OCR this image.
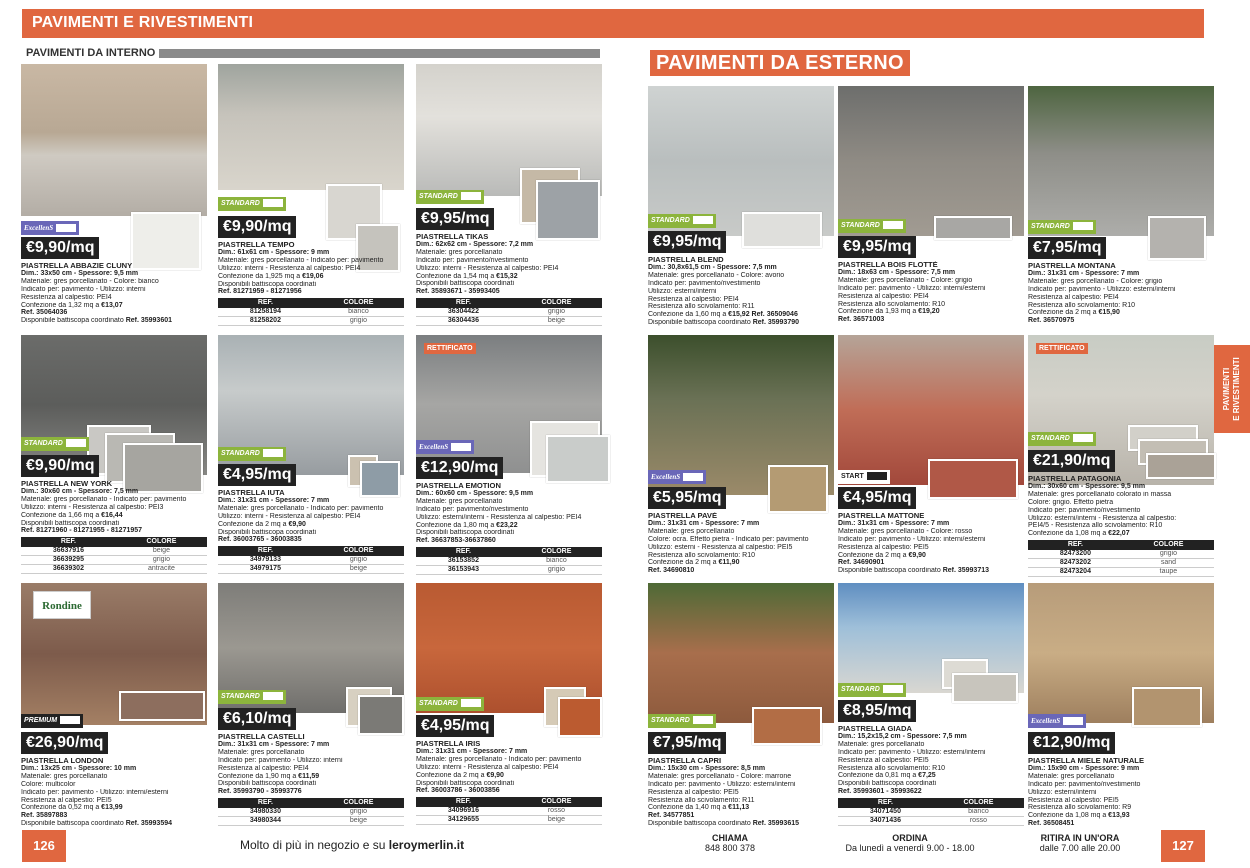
PAVIMENTI E RIVESTIMENTI
PAVIMENTI DA INTERNO	PAVIMENTI DA ESTERNO
PAVIMENTI E RIVESTIMENTI
ExcellenS
€9,90/mq

PIASTRELLA ABBAZIE CLUNY

Dim.: 33x50 cm - Spessore: 9,5 mm

Materiale: gres porcellanato - Colore: bianco

Indicato per: pavimento - Utilizzo: interni

Resistenza al calpestio: PEI4

Confezione da 1,32 mq a €13,07

Ref. 35064036

Disponibile battiscopa coordinato Ref. 35993601

STANDARD
€9,90/mq

PIASTRELLA TEMPO

Dim.: 61x61 cm - Spessore: 9 mm

Materiale: gres porcellanato - Indicato per: pavimento

Utilizzo: interni - Resistenza al calpestio: PEI4

Confezione da 1,925 mq a €19,06

Disponibili battiscopa coordinati

Ref. 81271959 - 81271956

REF.	COLORE
81258194	bianco
81258202	grigio
STANDARD
€9,95/mq

PIASTRELLA TIKAS

Dim.: 62x62 cm - Spessore: 7,2 mm

Materiale: gres porcellanato

Indicato per: pavimento/rivestimento

Utilizzo: interni - Resistenza al calpestio: PEI4

Confezione da 1,54 mq a €15,32

Disponibili battiscopa coordinati

Ref. 35893671 - 35993405

REF.	COLORE
36304422	grigio
36304436	beige
STANDARD
€9,95/mq

PIASTRELLA BLEND

Dim.: 30,8x61,5 cm - Spessore: 7,5 mm

Materiale: gres porcellanato - Colore: avorio

Indicato per: pavimento/rivestimento

Utilizzo: esterni/interni

Resistenza al calpestio: PEI4

Resistenza allo scivolamento: R11

Confezione da 1,60 mq a €15,92 Ref. 36509046

Disponibile battiscopa coordinato Ref. 35993790

STANDARD
€9,95/mq

PIASTRELLA BOIS FLOTTÈ

Dim.: 18x63 cm - Spessore: 7,5 mm

Materiale: gres porcellanato - Colore: grigio

Indicato per: pavimento - Utilizzo: interni/esterni

Resistenza al calpestio: PEI4

Resistenza allo scivolamento: R10

Confezione da 1,93 mq a €19,20

Ref. 36571003

STANDARD
€7,95/mq

PIASTRELLA MONTANA

Dim.: 31x31 cm - Spessore: 7 mm

Materiale: gres porcellanato - Colore: grigio

Indicato per: pavimento - Utilizzo: esterni/interni

Resistenza al calpestio: PEI4

Resistenza allo scivolamento: R10

Confezione da 2 mq a €15,90

Ref. 36570975

STANDARD
€9,90/mq

PIASTRELLA NEW YORK

Dim.: 30x60 cm - Spessore: 7,5 mm

Materiale: gres porcellanato - Indicato per: pavimento

Utilizzo: interni - Resistenza al calpestio: PEI3

Confezione da 1,66 mq a €16,44

Disponibili battiscopa coordinati

Ref. 81271960 - 81271955 - 81271957

REF.	COLORE
36637916	beige
36639295	grigio
36639302	antracite
STANDARD
€4,95/mq

PIASTRELLA IUTA

Dim.: 31x31 cm - Spessore: 7 mm

Materiale: gres porcellanato - Indicato per: pavimento

Utilizzo: interni - Resistenza al calpestio: PEI4

Confezione da 2 mq a €9,90

Disponibili battiscopa coordinati

Ref. 36003765 - 36003835

REF.	COLORE
34979133	grigio
34979175	beige
RETTIFICATO
ExcellenS
€12,90/mq

PIASTRELLA EMOTION

Dim.: 60x60 cm - Spessore: 9,5 mm

Materiale: gres porcellanato

Indicato per: pavimento/rivestimento

Utilizzo: esterni/interni - Resistenza al calpestio: PEI4

Confezione da 1,80 mq a €23,22

Disponibili battiscopa coordinati

Ref. 36637853-36637860

REF.	COLORE
36153852	bianco
36153943	grigio
ExcellenS
€5,95/mq

PIASTRELLA PAVÈ

Dim.: 31x31 cm - Spessore: 7 mm

Materiale: gres porcellanato

Colore: ocra. Effetto pietra - Indicato per: pavimento

Utilizzo: esterni - Resistenza al calpestio: PEI5

Resistenza allo scivolamento: R10

Confezione da 2 mq a €11,90

Ref. 34690810

START
€4,95/mq

PIASTRELLA MATTONE

Dim.: 31x31 cm - Spessore: 7 mm

Materiale: gres porcellanato - Colore: rosso

Indicato per: pavimento - Utilizzo: interni/esterni

Resistenza al calpestio: PEI5

Confezione da 2 mq a €9,90

Ref. 34690901

Disponibile battiscopa coordinato Ref. 35993713

RETTIFICATO
STANDARD
€21,90/mq

PIASTRELLA PATAGONIA

Dim.: 30x60 cm - Spessore: 9,5 mm

Materiale: gres porcellanato colorato in massa

Colore: grigio. Effetto pietra

Indicato per: pavimento/rivestimento

Utilizzo: esterni/interni - Resistenza al calpestio:

PEI4/5 - Resistenza allo scivolamento: R10

Confezione da 1,08 mq a €22,07

REF.	COLORE
82473200	grigio
82473202	sand
82473204	taupe
Rondine
PREMIUM
€26,90/mq

PIASTRELLA LONDON

Dim.: 13x25 cm - Spessore: 10 mm

Materiale: gres porcellanato

Colore: multicolor

Indicato per: pavimento - Utilizzo: interni/esterni

Resistenza al calpestio: PEI5

Confezione da 0,52 mq a €13,99

Ref. 35897883

Disponibile battiscopa coordinato Ref. 35993594

STANDARD
€6,10/mq

PIASTRELLA CASTELLI

Dim.: 31x31 cm - Spessore: 7 mm

Materiale: gres porcellanato

Indicato per: pavimento - Utilizzo: interni

Resistenza al calpestio: PEI4

Confezione da 1,90 mq a €11,59

Disponibili battiscopa coordinati

Ref. 35993790 - 35993776

REF.	COLORE
34980330	grigio
34980344	beige
STANDARD
€4,95/mq

PIASTRELLA IRIS

Dim.: 31x31 cm - Spessore: 7 mm

Materiale: gres porcellanato - Indicato per: pavimento

Utilizzo: interni - Resistenza al calpestio: PEI4

Confezione da 2 mq a €9,90

Disponibili battiscopa coordinati

Ref. 36003786 - 36003856

REF.	COLORE
34096916	rosso
34129655	beige
STANDARD
€7,95/mq

PIASTRELLA CAPRI

Dim.: 15x30 cm - Spessore: 8,5 mm

Materiale: gres porcellanato - Colore: marrone

Indicato per: pavimento - Utilizzo: esterni/interni

Resistenza al calpestio: PEI5

Resistenza allo scivolamento: R11

Confezione da 1,40 mq a €11,13

Ref. 34577851

Disponibile battiscopa coordinato Ref. 35993615

STANDARD
€8,95/mq

PIASTRELLA GIADA

Dim.: 15,2x15,2 cm - Spessore: 7,5 mm

Materiale: gres porcellanato

Indicato per: pavimento - Utilizzo: esterni/interni

Resistenza al calpestio: PEI5

Resistenza allo scivolamento: R10

Confezione da 0,81 mq a €7,25

Disponibili battiscopa coordinati

Ref. 35993601 - 35993622

REF.	COLORE
34071450	bianco
34071436	rosso
ExcellenS
€12,90/mq

PIASTRELLA MIELE NATURALE

Dim.: 15x90 cm - Spessore: 9 mm

Materiale: gres porcellanato

Indicato per: pavimento/rivestimento

Utilizzo: esterni/interni

Resistenza al calpestio: PEI5

Resistenza allo scivolamento: R9

Confezione da 1,08 mq a €13,93

Ref. 36508451

126	Molto di più in negozio e su leroymerlin.it	CHIAMA
848 800 378
ORDINA
Da lunedì a venerdì 9.00 - 18.00
RITIRA IN UN'ORA
dalle 7.00 alle 20.00	127
